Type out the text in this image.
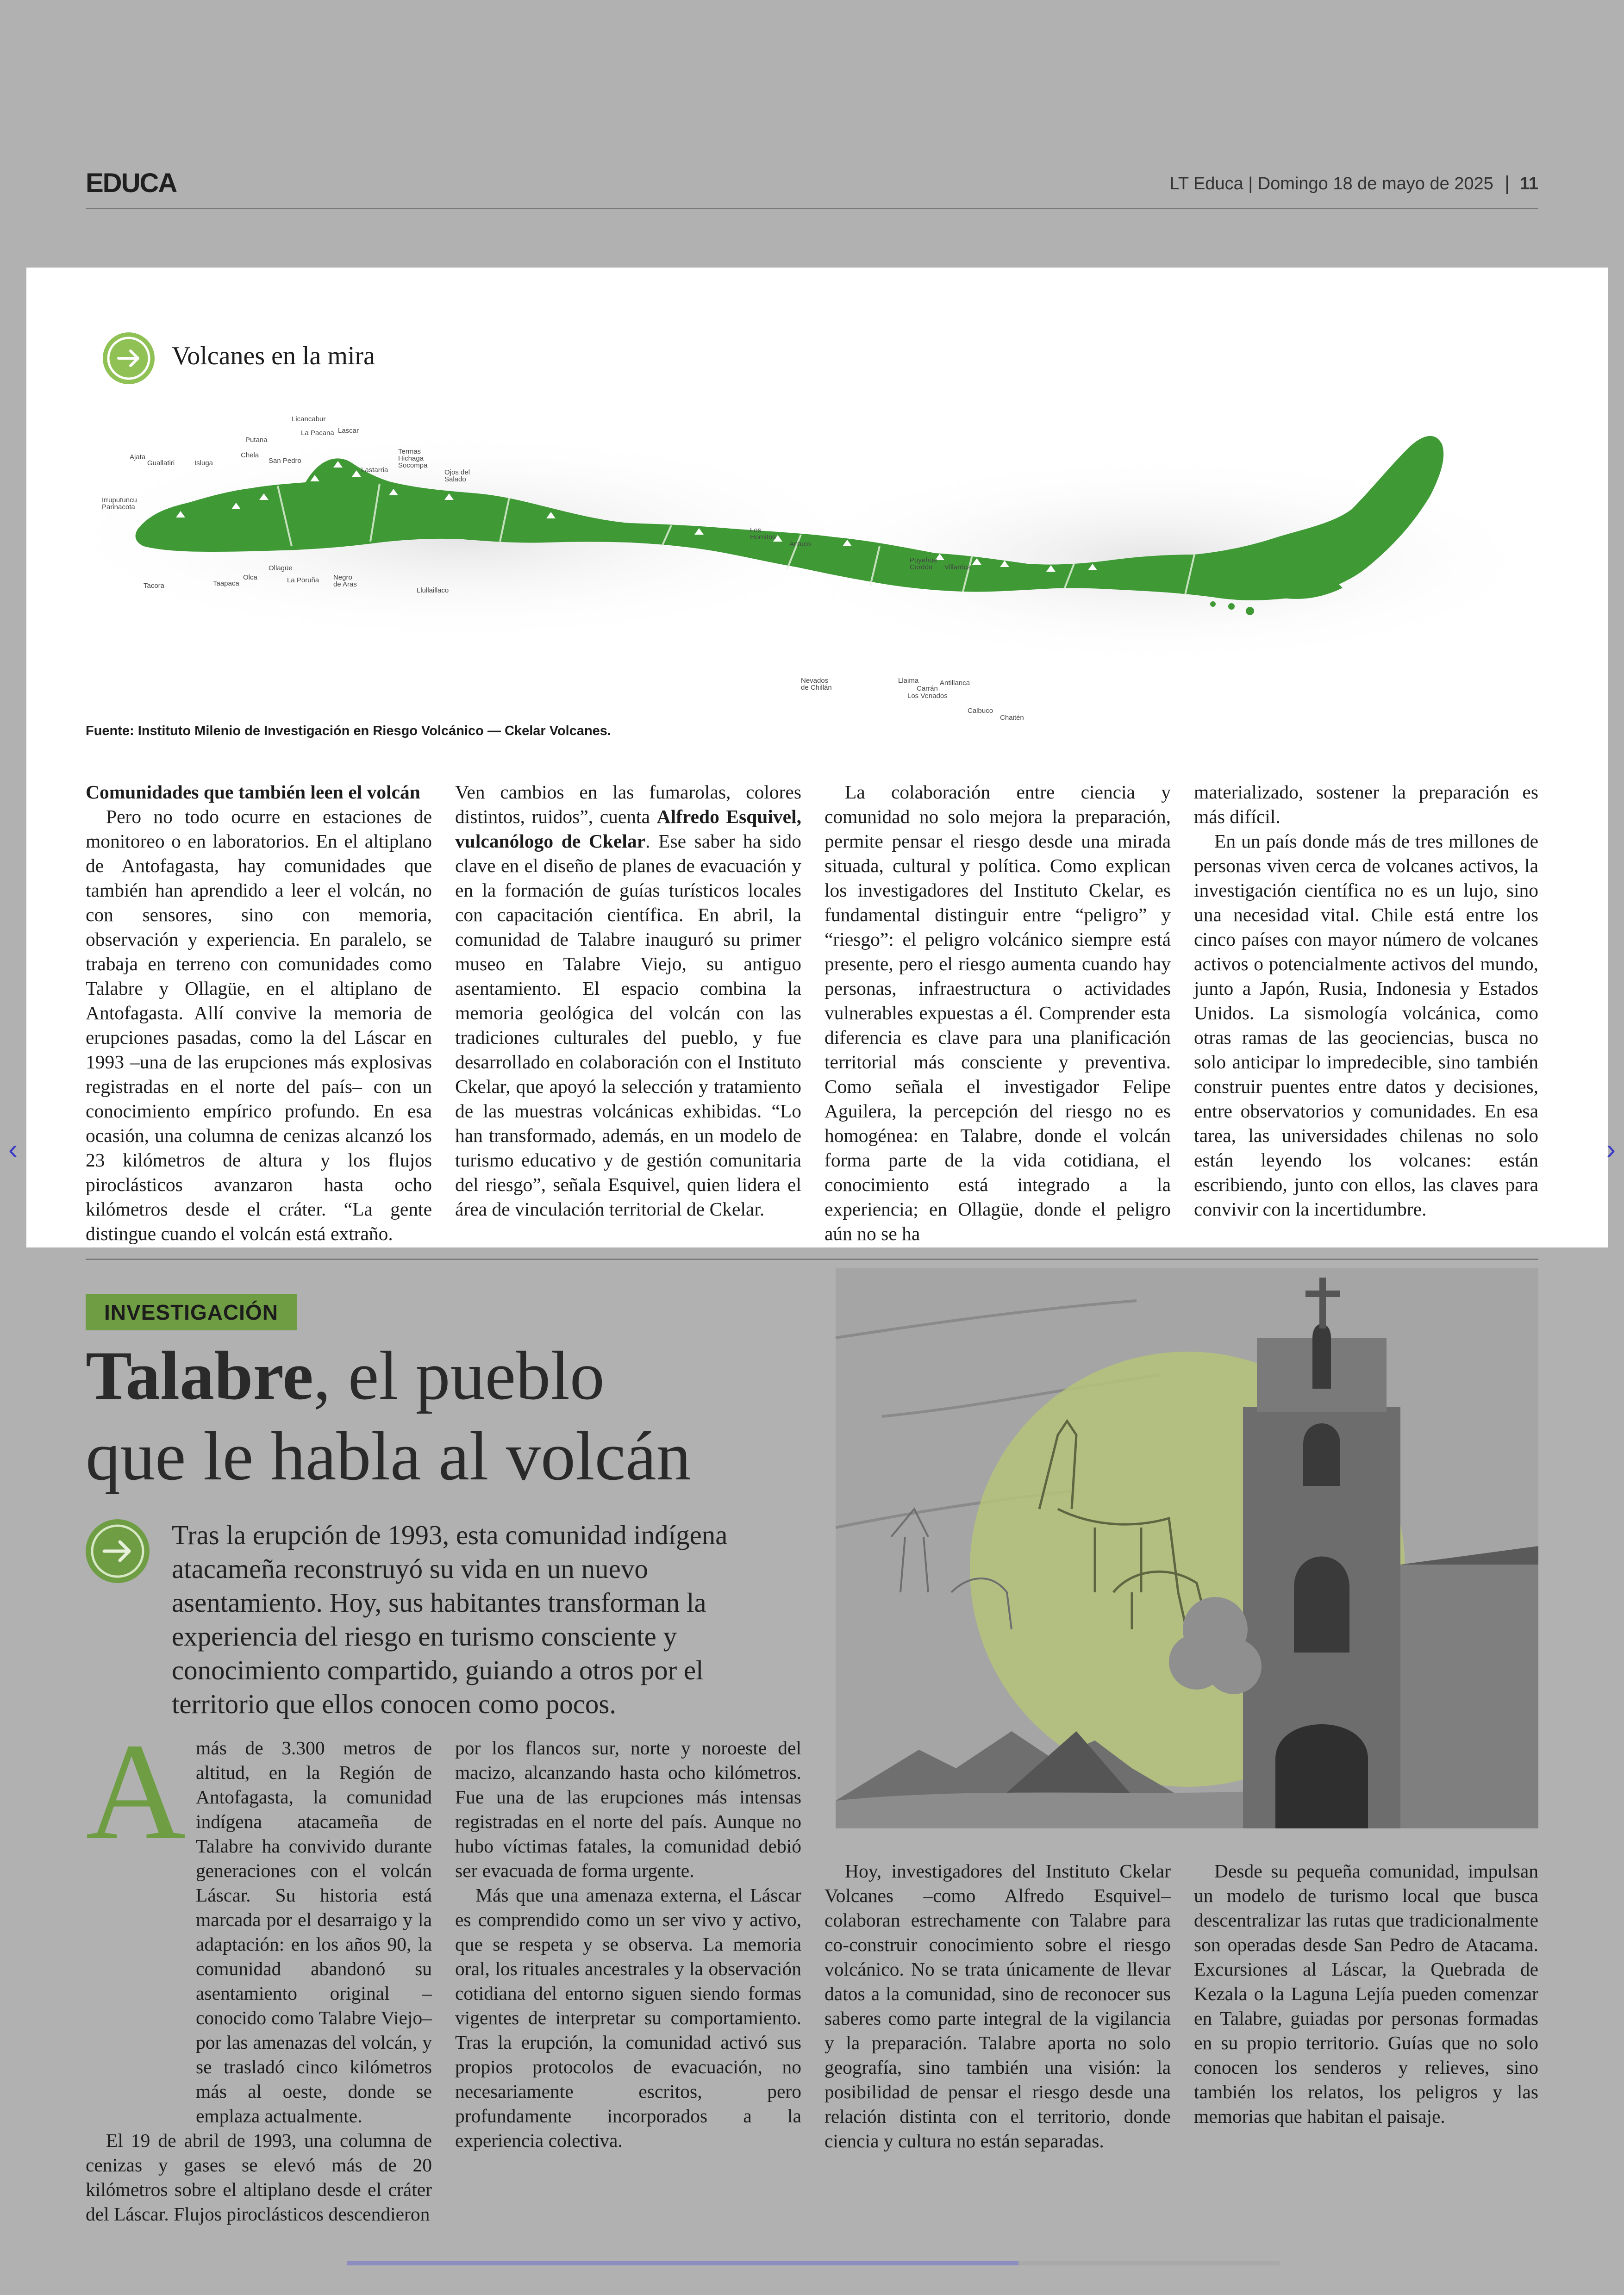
EDUCA	LT Educa | Domingo 18 de mayo de 2025 11
Volcanes en la mira
Licancabur
Lascar
La Pacana
Putana
Chela
San Pedro
Termas
Hichaga
Socompa
Lastarria	Ojos del
Salado
Ajata
Guallatiri	Isluga
Irruputuncu
Parinacota
Tacora	Taapaca
Olca
Ollagüe
La Poruña Negro
de Aras
Llullaillaco
Los
Hornitos
Antuco
Puyehue
Cordón Villarrica
Nevados
de Chillán
Llaima
Carrán
Los Venados
Antillanca
Calbuco
Chaitén
Fuente: Instituto Milenio de Investigación en Riesgo Volcánico — Ckelar Volcanes.

Comunidades que también leen el volcán

Pero no todo ocurre en estaciones de monitoreo o en laboratorios. En el altiplano de Antofagasta, hay comunidades que también han aprendido a leer el volcán, no con sensores, sino con memoria, observación y experiencia. En paralelo, se trabaja en terreno con comunidades como Talabre y Ollagüe, en el altiplano de Antofagasta. Allí convive la memoria de erupciones pasadas, como la del Láscar en 1993 –una de las erupciones más explosivas registradas en el norte del país– con un conocimiento empírico profundo. En esa ocasión, una columna de cenizas alcanzó los 23 kilómetros de altura y los flujos piroclásticos avanzaron hasta ocho kilómetros desde el cráter. “La gente distingue cuando el volcán está extraño.

Ven cambios en las fumarolas, colores distintos, ruidos”, cuenta Alfredo Esquivel, vulcanólogo de Ckelar. Ese saber ha sido clave en el diseño de planes de evacuación y en la formación de guías turísticos locales con capacitación científica. En abril, la comunidad de Talabre inauguró su primer museo en Talabre Viejo, su antiguo asentamiento. El espacio combina la memoria geológica del volcán con las tradiciones culturales del pueblo, y fue desarrollado en colaboración con el Instituto Ckelar, que apoyó la selección y tratamiento de las muestras volcánicas exhibidas. “Lo han transformado, además, en un modelo de turismo educativo y de gestión comunitaria del riesgo”, señala Esquivel, quien lidera el área de vinculación territorial de Ckelar.

La colaboración entre ciencia y comunidad no solo mejora la preparación, permite pensar el riesgo desde una mirada situada, cultural y política. Como explican los investigadores del Instituto Ckelar, es fundamental distinguir entre “peligro” y “riesgo”: el peligro volcánico siempre está presente, pero el riesgo aumenta cuando hay personas, infraestructura o actividades vulnerables expuestas a él. Comprender esta diferencia es clave para una planificación territorial más consciente y preventiva. Como señala el investigador Felipe Aguilera, la percepción del riesgo no es homogénea: en Talabre, donde el volcán forma parte de la vida cotidiana, el conocimiento está integrado a la experiencia; en Ollagüe, donde el peligro aún no se ha

materializado, sostener la preparación es más difícil.

En un país donde más de tres millones de personas viven cerca de volcanes activos, la investigación científica no es un lujo, sino una necesidad vital. Chile está entre los cinco países con mayor número de volcanes activos o potencialmente activos del mundo, junto a Japón, Rusia, Indonesia y Estados Unidos. La sismología volcánica, como otras ramas de las geociencias, busca no solo anticipar lo impredecible, sino también construir puentes entre datos y decisiones, entre observatorios y comunidades. En esa tarea, las universidades chilenas no solo están leyendo los volcanes: están escribiendo, junto con ellos, las claves para convivir con la incertidumbre.

‹	›
INVESTIGACIÓN
Talabre, el pueblo
que le habla al volcán
Tras la erupción de 1993, esta comunidad indígena atacameña reconstruyó su vida en un nuevo asentamiento. Hoy, sus habitantes transforman la experiencia del riesgo en turismo consciente y conocimiento compartido, guiando a otros por el territorio que ellos conocen como pocos.
A más de 3.300 metros de altitud, en la Región de Antofagasta, la comunidad indígena atacameña de Talabre ha convivido durante generaciones con el volcán Láscar. Su historia está marcada por el desarraigo y la adaptación: en los años 90, la comunidad abandonó su asentamiento original –conocido como Talabre Viejo– por las amenazas del volcán, y se trasladó cinco kilómetros más al oeste, donde se emplaza actualmente.

El 19 de abril de 1993, una columna de cenizas y gases se elevó más de 20 kilómetros sobre el altiplano desde el cráter del Láscar. Flujos piroclásticos descendieron

por los flancos sur, norte y noroeste del macizo, alcanzando hasta ocho kilómetros. Fue una de las erupciones más intensas registradas en el norte del país. Aunque no hubo víctimas fatales, la comunidad debió ser evacuada de forma urgente.

Más que una amenaza externa, el Láscar es comprendido como un ser vivo y activo, que se respeta y se observa. La memoria oral, los rituales ancestrales y la observación cotidiana del entorno siguen siendo formas vigentes de interpretar su comportamiento. Tras la erupción, la comunidad activó sus propios protocolos de evacuación, no necesariamente escritos, pero profundamente incorporados a la experiencia colectiva.

Hoy, investigadores del Instituto Ckelar Volcanes –como Alfredo Esquivel– colaboran estrechamente con Talabre para co-construir conocimiento sobre el riesgo volcánico. No se trata únicamente de llevar datos a la comunidad, sino de reconocer sus saberes como parte integral de la vigilancia y la preparación. Talabre aporta no solo geografía, sino también una visión: la posibilidad de pensar el riesgo desde una relación distinta con el territorio, donde ciencia y cultura no están separadas.

Desde su pequeña comunidad, impulsan un modelo de turismo local que busca descentralizar las rutas que tradicionalmente son operadas desde San Pedro de Atacama. Excursiones al Láscar, la Quebrada de Kezala o la Laguna Lejía pueden comenzar en Talabre, guiadas por personas formadas en su propio territorio. Guías que no solo conocen los senderos y relieves, sino también los relatos, los peligros y las memorias que habitan el paisaje.
